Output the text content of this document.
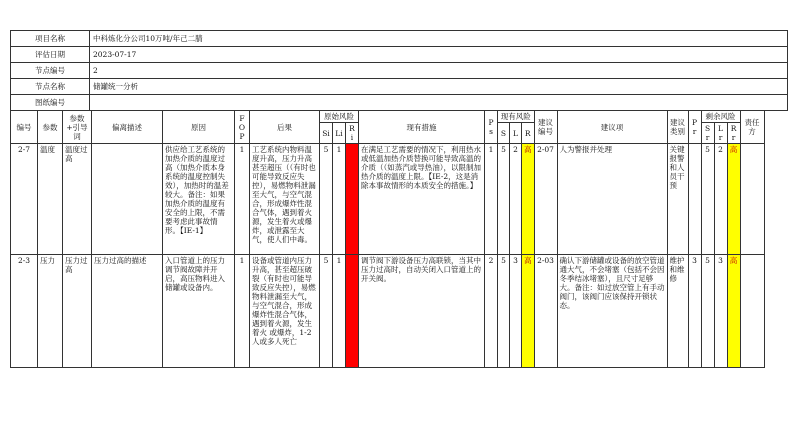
项目名称	中科炼化分公司10万吨/年己二腈
评估日期	2023-07-17
节点编号	2
节点名称	储罐统一分析
图纸编号	
编号	参数	参数+引导词	偏离描述	原因	FOP	后果	原始风险			现有措施	Ps	现有风险			建议编号	建议项	建议类别	Pr	剩余风险			责任方
							Si	Li	Ri			S	L	R					Sr	Lr	Rr	
2-7	温度	温度过高		供应给工艺系统的加热介质的温度过高（加热介质本身系统的温度控制失效），加热时的温差较大。备注：如果加热介质的温度有安全的上限，不需要考虑此事故情形。【IE-1】	1	工艺系统内物料温度升高，压力升高甚至超压（（有时也可能导致反应失控），易燃物料泄漏至大气，与空气混合，形成爆炸性混合气体，遇到着火源，发生着火或爆炸，或泄露至大气，使人们中毒。	5	1	高	在满足工艺需要的情况下，利用热水或低温加热介质替换可能导致高温的介质（（如蒸汽或导热油），以限制加热介质的温度上限。【IE-2，这是消除本事故情形的本质安全的措施。】	1	5	2	高	2-07	人为警报并处理	关键报警和人员干预		5	2	高	
2-3	压力	压力过高	压力过高的描述	入口管道上的压力调节阀故障并开启，高压物料进入储罐或设备内。	1	设备或管道内压力升高，甚至超压破裂（有时也可能导致反应失控），易燃物料泄漏至大气，与空气混合，形成爆炸性混合气体，遇到着火源，发生着火 或爆炸，1-2人或多人死亡	5	1	高	调节阀下游设备压力高联锁，当其中压力过高时，自动关闭入口管道上的开关阀。	2	5	3	高	2-03	确认下游储罐或设备的放空管道通大气，不会堵塞（包括不会因冬季结冰堵塞），且尺寸足够大。备注：如过放空管上有手动阀门，该阀门应该保持开锁状态。	维护和维修	3	5	3	高	
